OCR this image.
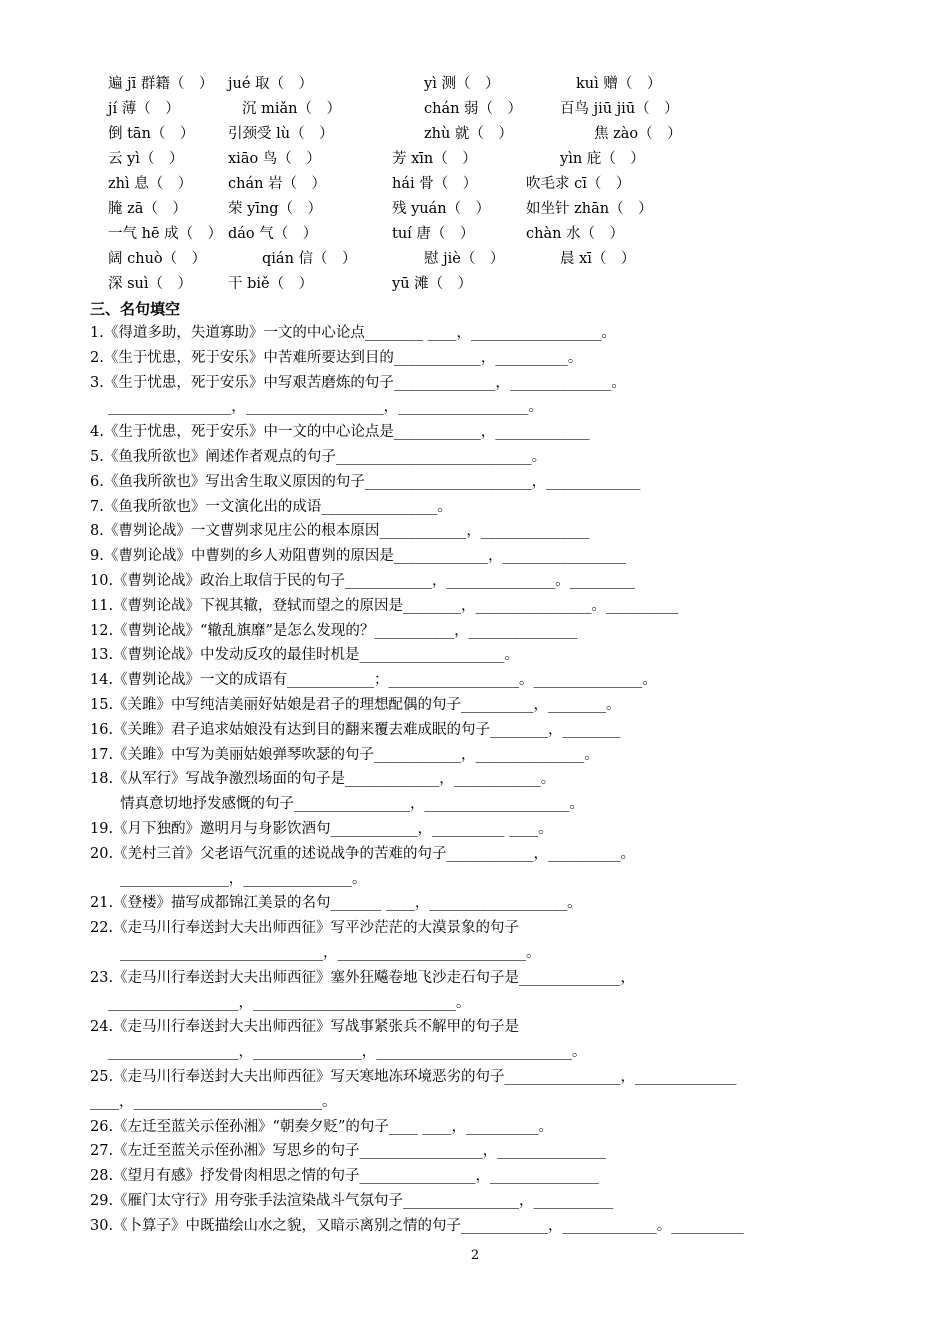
遍 jī 群籍（　） jué 取（　）	yì 测（　）	kuì 赠（　）
jí 薄（　）	沉 miǎn（　）	chán 弱（　）	百鸟 jiū jiū（　）
倒 tān（　） 引颈受 lù（　）	zhù 就（　）	焦 zào（　）
云 yì（　）	xiāo 鸟（　）	芳 xīn（　）	yìn 庇（　）
zhì 息（　） chán 岩（　）	hái 骨（　）	吹毛求 cī（　）
腌 zā（　）	荣 yīng（　）	残 yuán（　） 如坐针 zhān（　）
一气 hē 成（　） dáo 气（　）	tuí 唐（　）	chàn 水（　）
阔 chuò（　）	qián 信（　）	慰 jiè（　）	晨 xī（　）
深 suì（　） 干 biě（　）	yū 滩（　）
三、名句填空
1.《得道多助，失道寡助》一文的中心论点________ ____，__________________。
2.《生于忧患，死于安乐》中苦难所要达到目的____________，__________。
3.《生于忧患，死于安乐》中写艰苦磨炼的句子______________，______________。
_________________，___________________，__________________。
4.《生于忧患，死于安乐》中一文的中心论点是____________，_____________
5.《鱼我所欲也》阐述作者观点的句子___________________________。
6.《鱼我所欲也》写出舍生取义原因的句子_______________________，_____________
7.《鱼我所欲也》一文演化出的成语________________。
8.《曹刿论战》一文曹刿求见庄公的根本原因____________，_______________
9.《曹刿论战》中曹刿的乡人劝阻曹刿的原因是_____________，_________________
10.《曹刿论战》政治上取信于民的句子____________，_______________。_________
11.《曹刿论战》下视其辙，登轼而望之的原因是________，________________。__________
12.《曹刿论战》“辙乱旗靡”是怎么发现的？___________，_______________
13.《曹刿论战》中发动反攻的最佳时机是____________________。
14.《曹刿论战》一文的成语有____________；__________________。_______________。
15.《关雎》中写纯洁美丽好姑娘是君子的理想配偶的句子__________，________。
16.《关雎》君子追求姑娘没有达到目的翻来覆去难成眠的句子________，________
17.《关雎》中写为美丽姑娘弹琴吹瑟的句子____________，_______________。
18.《从军行》写战争激烈场面的句子是_____________，____________。
情真意切地抒发感慨的句子________________，____________________。
19.《月下独酌》邀明月与身影饮酒句____________，__________ ____。
20.《羌村三首》父老语气沉重的述说战争的苦难的句子____________，__________。
_______________，_______________。
21.《登楼》描写成都锦江美景的名句_______ ____，___________________。
22.《走马川行奉送封大夫出师西征》写平沙茫茫的大漠景象的句子
____________________________，__________________________。
23.《走马川行奉送封大夫出师西征》塞外狂飚卷地飞沙走石句子是______________，
__________________，____________________________。
24.《走马川行奉送封大夫出师西征》写战事紧张兵不解甲的句子是
__________________，_______________，___________________________。
25.《走马川行奉送封大夫出师西征》写天寒地冻环境恶劣的句子________________，______________
____，__________________________。
26.《左迁至蓝关示侄孙湘》“朝奏夕贬”的句子____ ____，__________。
27.《左迁至蓝关示侄孙湘》写思乡的句子_________________，_______________
28.《望月有感》抒发骨肉相思之情的句子________________，_______________
29.《雁门太守行》用夸张手法渲染战斗气氛句子________________，___________
30.《卜算子》中既描绘山水之貌，又暗示离别之情的句子____________，_____________。__________
2
